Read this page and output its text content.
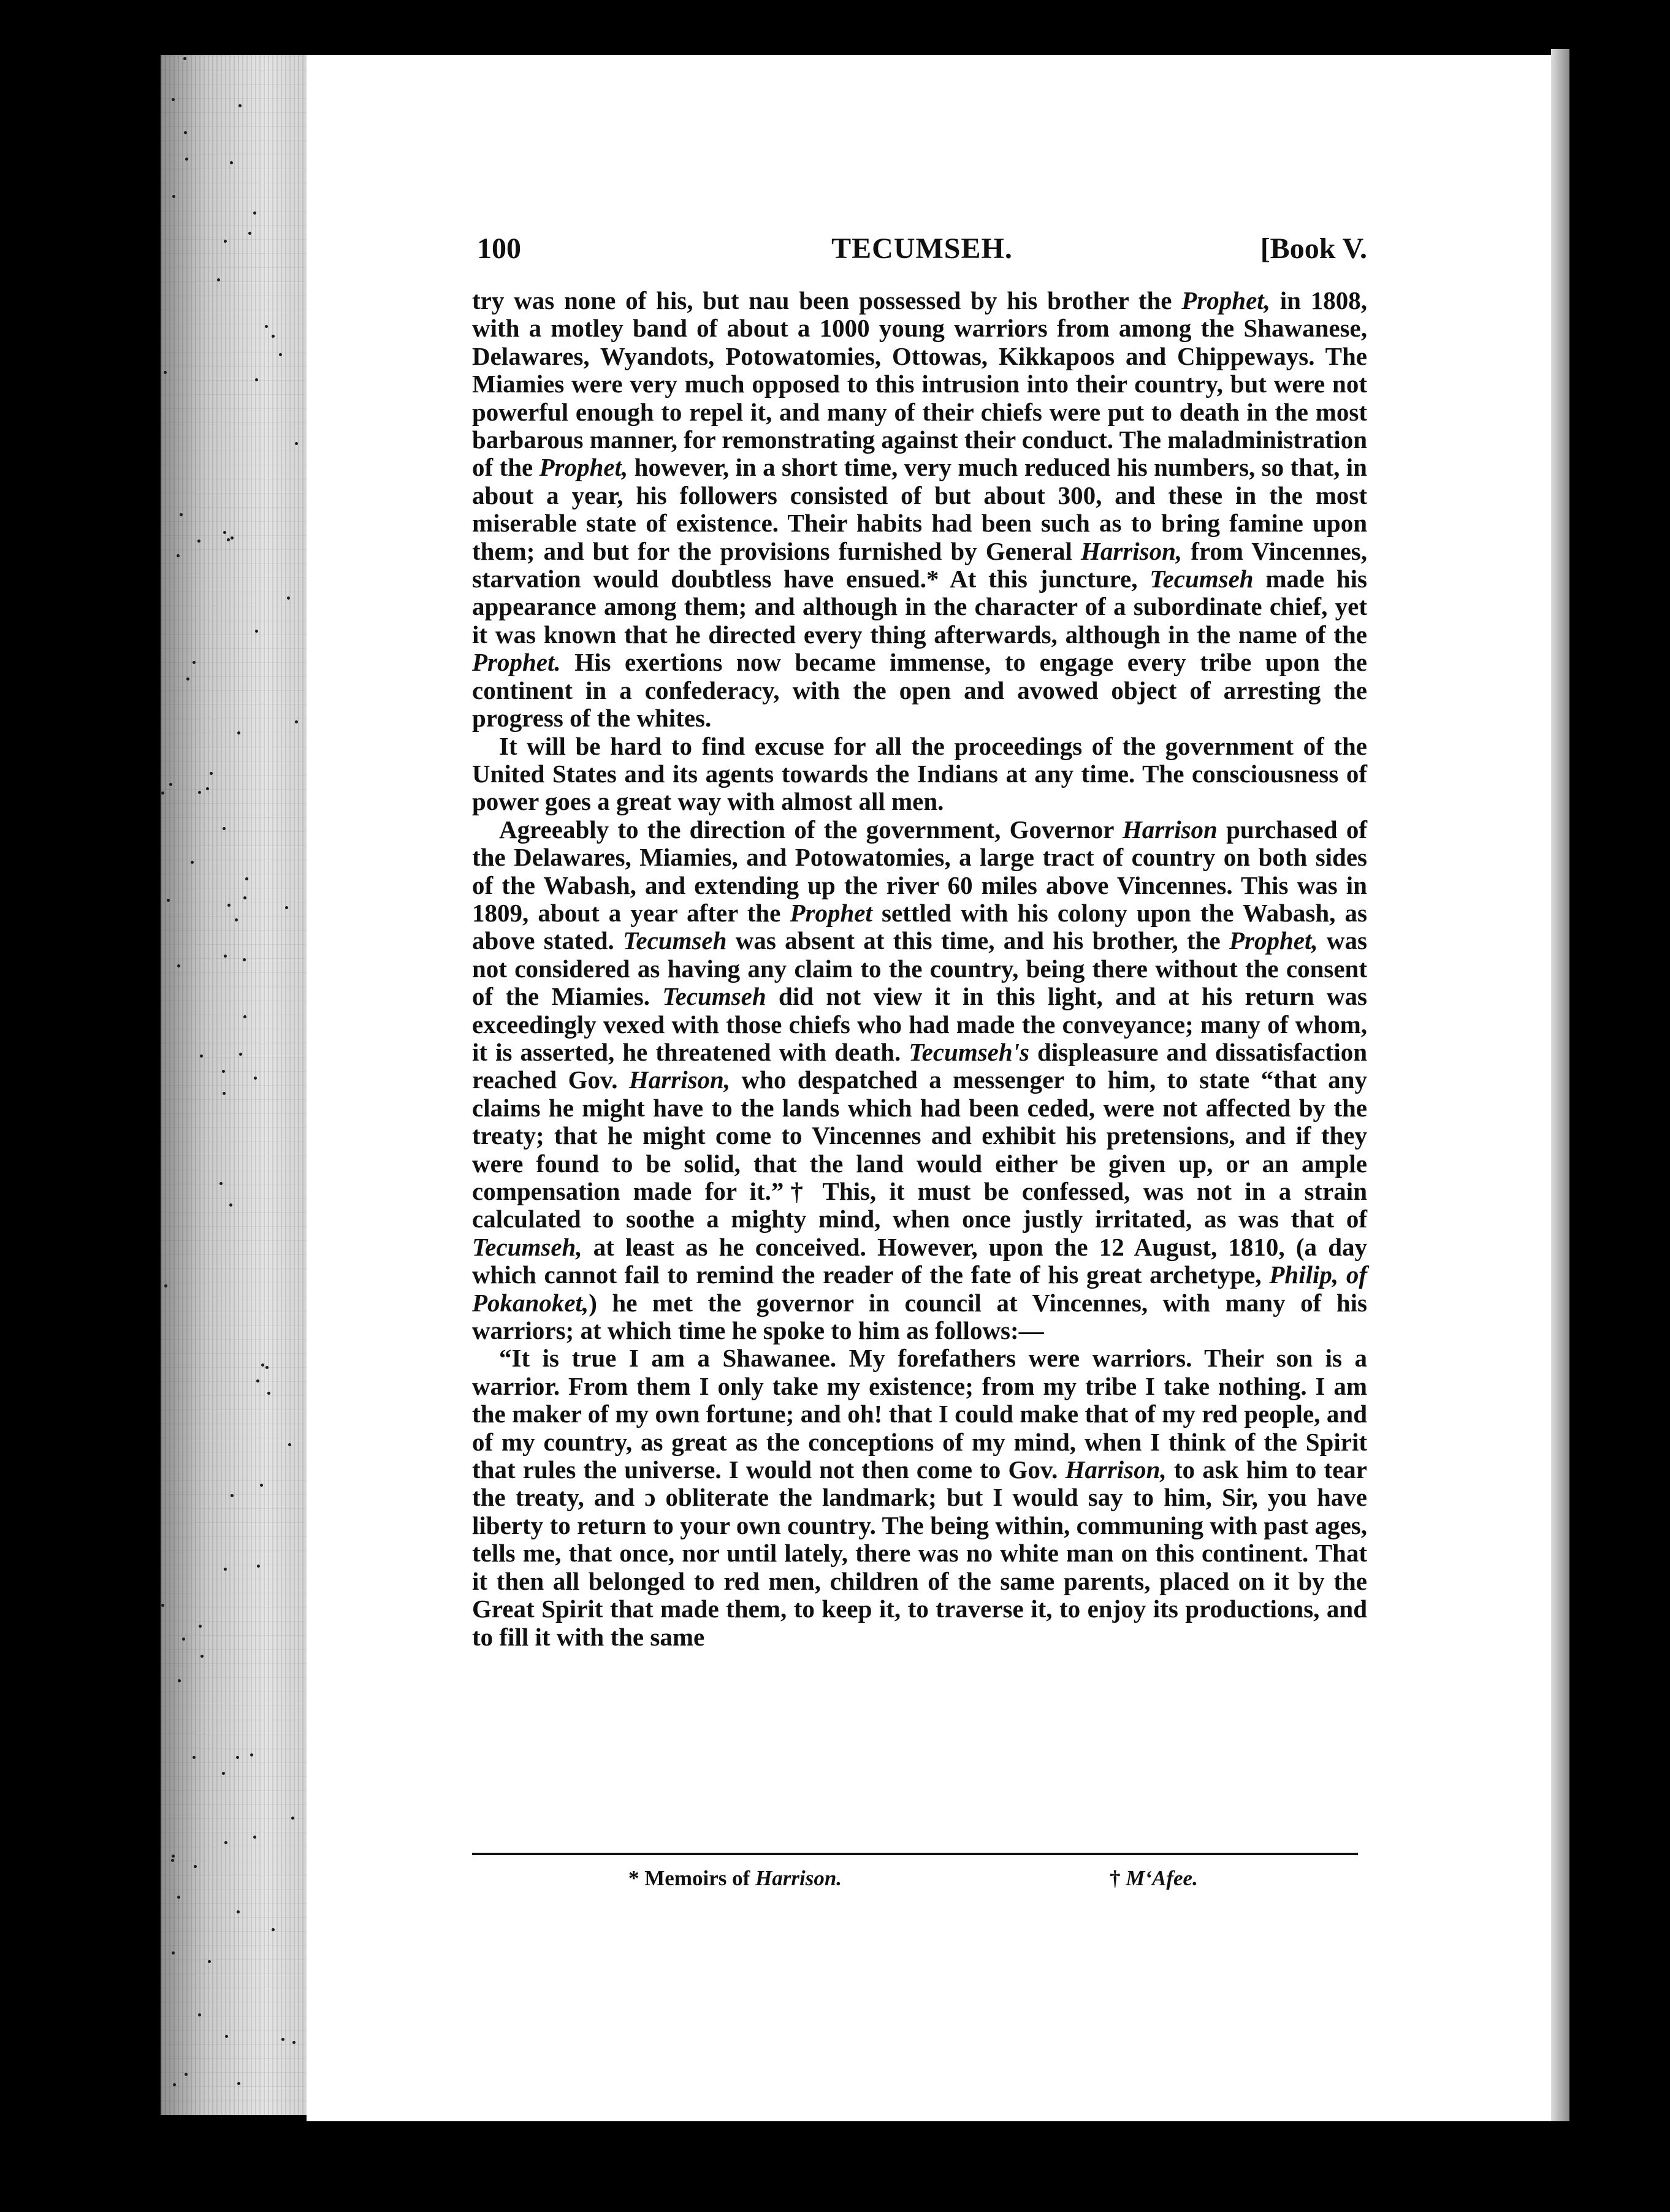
100	TECUMSEH.	[Book V.

try was none of his, but nau been possessed by his brother the Prophet, in 1808, with a motley band of about a 1000 young warriors from among the Shawanese, Delawares, Wyandots, Potowatomies, Ottowas, Kikkapoos and Chippeways. The Miamies were very much opposed to this intrusion into their country, but were not powerful enough to repel it, and many of their chiefs were put to death in the most barbarous manner, for remonstrating against their conduct. The maladministration of the Prophet, however, in a short time, very much reduced his numbers, so that, in about a year, his followers consisted of but about 300, and these in the most miserable state of existence. Their habits had been such as to bring famine upon them; and but for the provisions furnished by General Harrison, from Vincennes, starvation would doubtless have ensued.* At this juncture, Tecumseh made his appearance among them; and although in the character of a subordinate chief, yet it was known that he directed every thing afterwards, although in the name of the Prophet. His exertions now became immense, to engage every tribe upon the continent in a confederacy, with the open and avowed object of arresting the progress of the whites.

It will be hard to find excuse for all the proceedings of the government of the United States and its agents towards the Indians at any time. The consciousness of power goes a great way with almost all men.

Agreeably to the direction of the government, Governor Harrison purchased of the Delawares, Miamies, and Potowatomies, a large tract of country on both sides of the Wabash, and extending up the river 60 miles above Vincennes. This was in 1809, about a year after the Prophet settled with his colony upon the Wabash, as above stated. Tecumseh was absent at this time, and his brother, the Prophet, was not considered as having any claim to the country, being there without the consent of the Miamies. Tecumseh did not view it in this light, and at his return was exceedingly vexed with those chiefs who had made the conveyance; many of whom, it is asserted, he threatened with death. Tecumseh's displeasure and dissatisfaction reached Gov. Harrison, who despatched a messenger to him, to state “that any claims he might have to the lands which had been ceded, were not affected by the treaty; that he might come to Vincennes and exhibit his pretensions, and if they were found to be solid, that the land would either be given up, or an ample compensation made for it.”† This, it must be confessed, was not in a strain calculated to soothe a mighty mind, when once justly irritated, as was that of Tecumseh, at least as he conceived. However, upon the 12 August, 1810, (a day which cannot fail to remind the reader of the fate of his great archetype, Philip, of Pokanoket,) he met the governor in council at Vincennes, with many of his warriors; at which time he spoke to him as follows:—

“It is true I am a Shawanee. My forefathers were warriors. Their son is a warrior. From them I only take my existence; from my tribe I take nothing. I am the maker of my own fortune; and oh! that I could make that of my red people, and of my country, as great as the conceptions of my mind, when I think of the Spirit that rules the universe. I would not then come to Gov. Harrison, to ask him to tear the treaty, and ɔ obliterate the landmark; but I would say to him, Sir, you have liberty to return to your own country. The being within, communing with past ages, tells me, that once, nor until lately, there was no white man on this continent. That it then all belonged to red men, children of the same parents, placed on it by the Great Spirit that made them, to keep it, to traverse it, to enjoy its productions, and to fill it with the same

* Memoirs of Harrison.	† M‘Afee.
